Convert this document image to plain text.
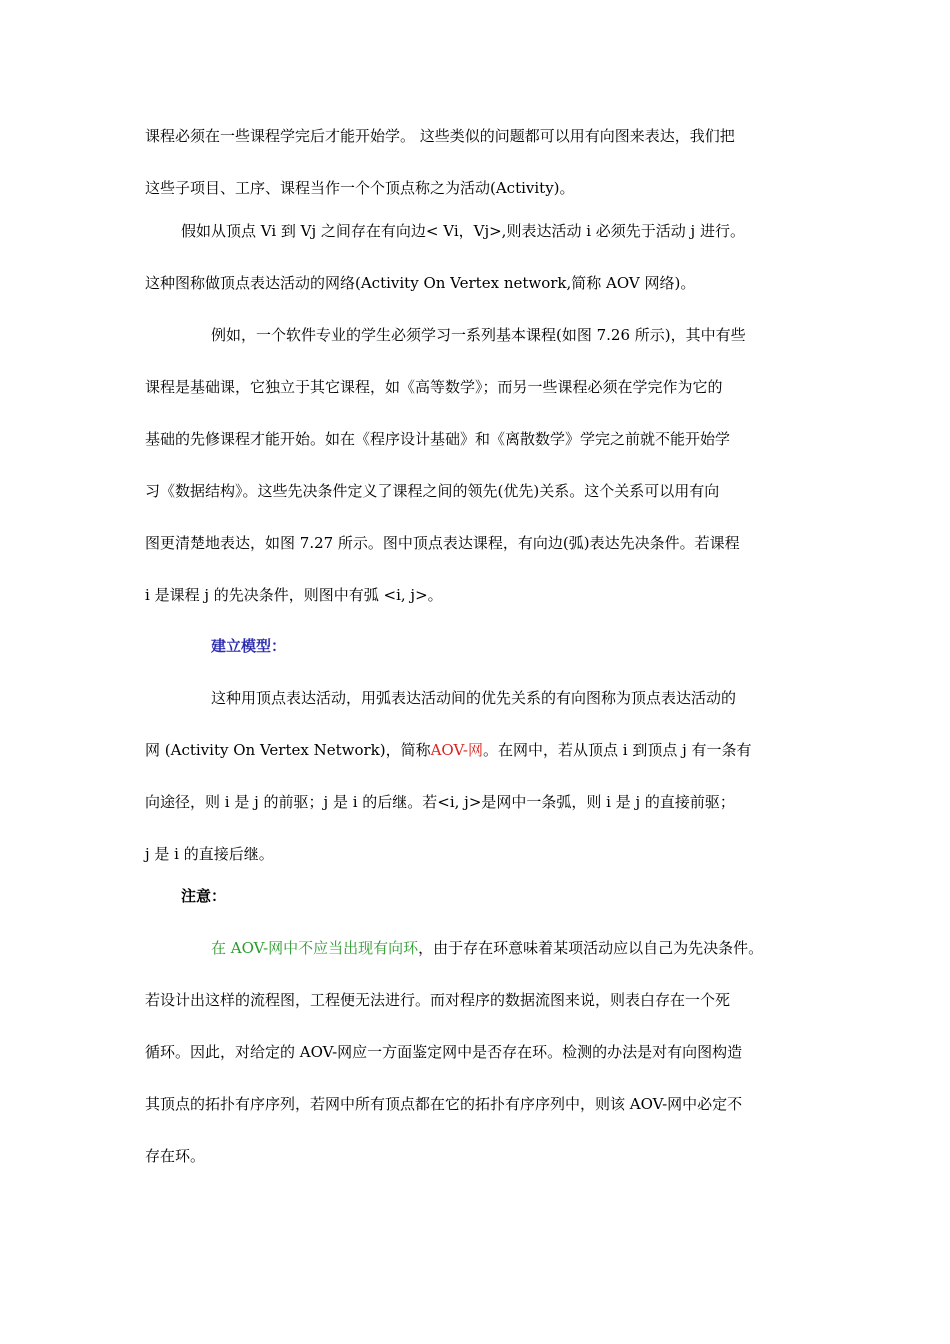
课程必须在一些课程学完后才能开始学。 这些类似的问题都可以用有向图来表达，我们把
这些子项目、工序、课程当作一个个顶点称之为活动(Activity)。
假如从顶点 Vi 到 Vj 之间存在有向边< Vi，Vj>,则表达活动 i 必须先于活动 j 进行。
这种图称做顶点表达活动的网络(Activity On Vertex network,简称 AOV 网络)。
例如，一个软件专业的学生必须学习一系列基本课程(如图 7.26 所示)，其中有些
课程是基础课，它独立于其它课程，如《高等数学》；而另一些课程必须在学完作为它的
基础的先修课程才能开始。如在《程序设计基础》和《离散数学》学完之前就不能开始学
习《数据结构》。这些先决条件定义了课程之间的领先(优先)关系。这个关系可以用有向
图更清楚地表达，如图 7.27 所示。图中顶点表达课程，有向边(弧)表达先决条件。若课程
i 是课程 j 的先决条件，则图中有弧 <i, j>。
建立模型：
这种用顶点表达活动，用弧表达活动间的优先关系的有向图称为顶点表达活动的
网 (Activity On Vertex Network)，简称AOV-网。在网中，若从顶点 i 到顶点 j 有一条有
向途径，则 i 是 j 的前驱；j 是 i 的后继。若<i, j>是网中一条弧，则 i 是 j 的直接前驱；
j 是 i 的直接后继。
注意：
在 AOV-网中不应当出现有向环，由于存在环意味着某项活动应以自己为先决条件。
若设计出这样的流程图，工程便无法进行。而对程序的数据流图来说，则表白存在一个死
循环。因此，对给定的 AOV-网应一方面鉴定网中是否存在环。检测的办法是对有向图构造
其顶点的拓扑有序序列，若网中所有顶点都在它的拓扑有序序列中，则该 AOV-网中必定不
存在环。
